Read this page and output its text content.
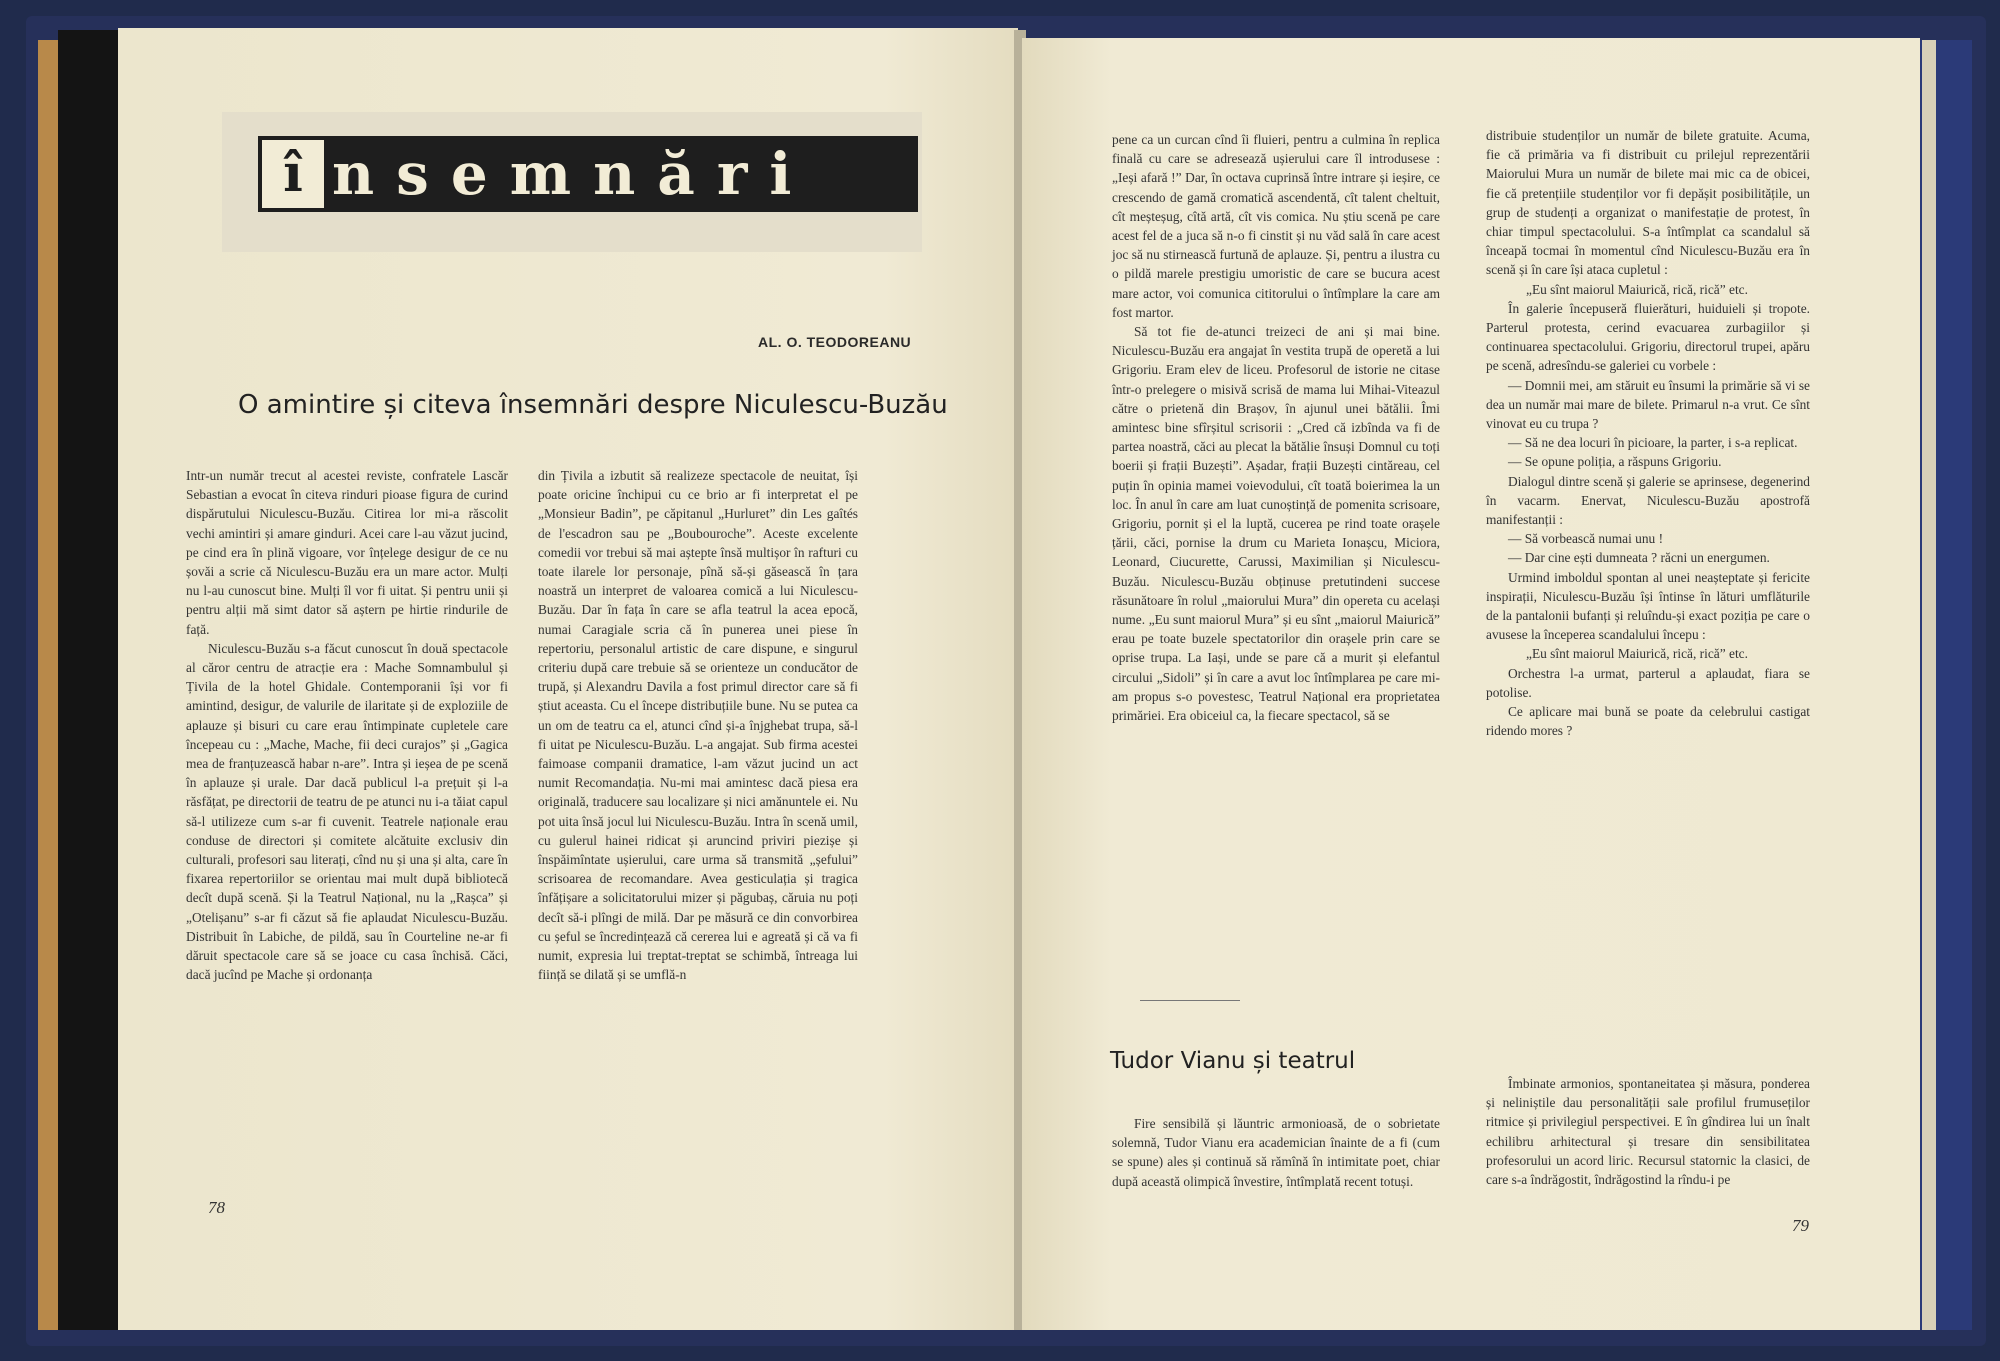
î nsemnări
AL. O. TEODOREANU
O amintire și citeva însemnări despre Niculescu-Buzău

Intr-un număr trecut al acestei reviste, confratele Lascăr Sebastian a evocat în citeva rinduri pioase figura de curind dispărutului Niculescu-Buzău. Citirea lor mi-a răscolit vechi amintiri și amare ginduri. Acei care l-au văzut jucind, pe cind era în plină vigoare, vor înțelege desigur de ce nu șovăi a scrie că Niculescu-Buzău era un mare actor. Mulți nu l-au cunoscut bine. Mulți îl vor fi uitat. Și pentru unii și pentru alții mă simt dator să aștern pe hirtie rindurile de față.

Niculescu-Buzău s-a făcut cunoscut în două spectacole al căror centru de atracție era : Mache Somnambulul și Țivila de la hotel Ghidale. Contemporanii își vor fi amintind, desigur, de valurile de ilaritate și de exploziile de aplauze și bisuri cu care erau întimpinate cupletele care începeau cu : „Mache, Mache, fii deci curajos” și „Gagica mea de franțuzească habar n-are”. Intra și ieșea de pe scenă în aplauze și urale. Dar dacă publicul l-a prețuit și l-a răsfățat, pe directorii de teatru de pe atunci nu i-a tăiat capul să-l utilizeze cum s-ar fi cuvenit. Teatrele naționale erau conduse de directori și comitete alcătuite exclusiv din culturali, profesori sau literați, cînd nu și una și alta, care în fixarea repertoriilor se orientau mai mult după bibliotecă decît după scenă. Și la Teatrul Național, nu la „Rașca” și „Otelișanu” s-ar fi căzut să fie aplaudat Niculescu-Buzău. Distribuit în Labiche, de pildă, sau în Courteline ne-ar fi dăruit spectacole care să se joace cu casa închisă. Căci, dacă jucînd pe Mache și ordonanța

din Țivila a izbutit să realizeze spectacole de neuitat, își poate oricine închipui cu ce brio ar fi interpretat el pe „Monsieur Badin”, pe căpitanul „Hurluret” din Les gaîtés de l'escadron sau pe „Boubouroche”. Aceste excelente comedii vor trebui să mai aștepte însă multișor în rafturi cu toate ilarele lor personaje, pînă să-și găsească în țara noastră un interpret de valoarea comică a lui Niculescu-Buzău. Dar în fața în care se afla teatrul la acea epocă, numai Caragiale scria că în punerea unei piese în repertoriu, personalul artistic de care dispune, e singurul criteriu după care trebuie să se orienteze un conducător de trupă, și Alexandru Davila a fost primul director care să fi știut aceasta. Cu el începe distribuțiile bune. Nu se putea ca un om de teatru ca el, atunci cînd și-a înjghebat trupa, să-l fi uitat pe Niculescu-Buzău. L-a angajat. Sub firma acestei faimoase companii dramatice, l-am văzut jucind un act numit Recomandația. Nu-mi mai amintesc dacă piesa era originală, traducere sau localizare și nici amănuntele ei. Nu pot uita însă jocul lui Niculescu-Buzău. Intra în scenă umil, cu gulerul hainei ridicat și aruncind priviri piezișe și înspăimîntate ușierului, care urma să transmită „șefului” scrisoarea de recomandare. Avea gesticulația și tragica înfățișare a solicitatorului mizer și păgubaș, căruia nu poți decît să-i plîngi de milă. Dar pe măsură ce din convorbirea cu șeful se încredințează că cererea lui e agreată și că va fi numit, expresia lui treptat-treptat se schimbă, întreaga lui ființă se dilată și se umflă-n

78

pene ca un curcan cînd îi fluieri, pentru a culmina în replica finală cu care se adresează ușierului care îl introdusese : „Ieși afară !” Dar, în octava cuprinsă între intrare și ieșire, ce crescendo de gamă cromatică ascendentă, cît talent cheltuit, cît meșteșug, cîtă artă, cît vis comica. Nu știu scenă pe care acest fel de a juca să n-o fi cinstit și nu văd sală în care acest joc să nu stirnească furtună de aplauze. Și, pentru a ilustra cu o pildă marele prestigiu umoristic de care se bucura acest mare actor, voi comunica cititorului o întîmplare la care am fost martor.

Să tot fie de-atunci treizeci de ani și mai bine. Niculescu-Buzău era angajat în vestita trupă de operetă a lui Grigoriu. Eram elev de liceu. Profesorul de istorie ne citase într-o prelegere o misivă scrisă de mama lui Mihai-Viteazul către o prietenă din Brașov, în ajunul unei bătălii. Îmi amintesc bine sfîrșitul scrisorii : „Cred că izbînda va fi de partea noastră, căci au plecat la bătălie însuși Domnul cu toți boerii și frații Buzești”. Așadar, frații Buzești cintăreau, cel puțin în opinia mamei voievodului, cît toată boierimea la un loc. În anul în care am luat cunoștință de pomenita scrisoare, Grigoriu, pornit și el la luptă, cucerea pe rind toate orașele țării, căci, pornise la drum cu Marieta Ionașcu, Miciora, Leonard, Ciucurette, Carussi, Maximilian și Niculescu-Buzău. Niculescu-Buzău obținuse pretutindeni succese răsunătoare în rolul „maiorului Mura” din opereta cu același nume. „Eu sunt maiorul Mura” și eu sînt „maiorul Maiurică” erau pe toate buzele spectatorilor din orașele prin care se oprise trupa. La Iași, unde se pare că a murit și elefantul circului „Sidoli” și în care a avut loc întîmplarea pe care mi-am propus s-o povestesc, Teatrul Național era proprietatea primăriei. Era obiceiul ca, la fiecare spectacol, să se

distribuie studenților un număr de bilete gratuite. Acuma, fie că primăria va fi distribuit cu prilejul reprezentării Maiorului Mura un număr de bilete mai mic ca de obicei, fie că pretențiile studenților vor fi depășit posibilitățile, un grup de studenți a organizat o manifestație de protest, în chiar timpul spectacolului. S-a întîmplat ca scandalul să înceapă tocmai în momentul cînd Niculescu-Buzău era în scenă și în care își ataca cupletul :

„Eu sînt maiorul Maiurică, rică, rică” etc.

În galerie începuseră fluierături, huiduieli și tropote. Parterul protesta, cerind evacuarea zurbagiilor și continuarea spectacolului. Grigoriu, directorul trupei, apăru pe scenă, adresîndu-se galeriei cu vorbele :

— Domnii mei, am stăruit eu însumi la primărie să vi se dea un număr mai mare de bilete. Primarul n-a vrut. Ce sînt vinovat eu cu trupa ?

— Să ne dea locuri în picioare, la parter, i s-a replicat.

— Se opune poliția, a răspuns Grigoriu.

Dialogul dintre scenă și galerie se aprinsese, degenerind în vacarm. Enervat, Niculescu-Buzău apostrofă manifestanții :

— Să vorbească numai unu !

— Dar cine ești dumneata ? răcni un energumen.

Urmind imboldul spontan al unei neașteptate și fericite inspirații, Niculescu-Buzău își întinse în lături umflăturile de la pantalonii bufanți și reluîndu-și exact poziția pe care o avusese la începerea scandalului începu :

„Eu sînt maiorul Maiurică, rică, rică” etc.

Orchestra l-a urmat, parterul a aplaudat, fiara se potolise.

Ce aplicare mai bună se poate da celebrului castigat ridendo mores ?

Tudor Vianu și teatrul

Fire sensibilă și lăuntric armonioasă, de o sobrietate solemnă, Tudor Vianu era academician înainte de a fi (cum se spune) ales și continuă să rămînă în intimitate poet, chiar după această olimpică învestire, întîmplată recent totuși.

Îmbinate armonios, spontaneitatea și măsura, ponderea și neliniștile dau personalității sale profilul frumuseților ritmice și privilegiul perspectivei. E în gîndirea lui un înalt echilibru arhitectural și tresare din sensibilitatea profesorului un acord liric. Recursul statornic la clasici, de care s-a îndrăgostit, îndrăgostind la rîndu-i pe

79
